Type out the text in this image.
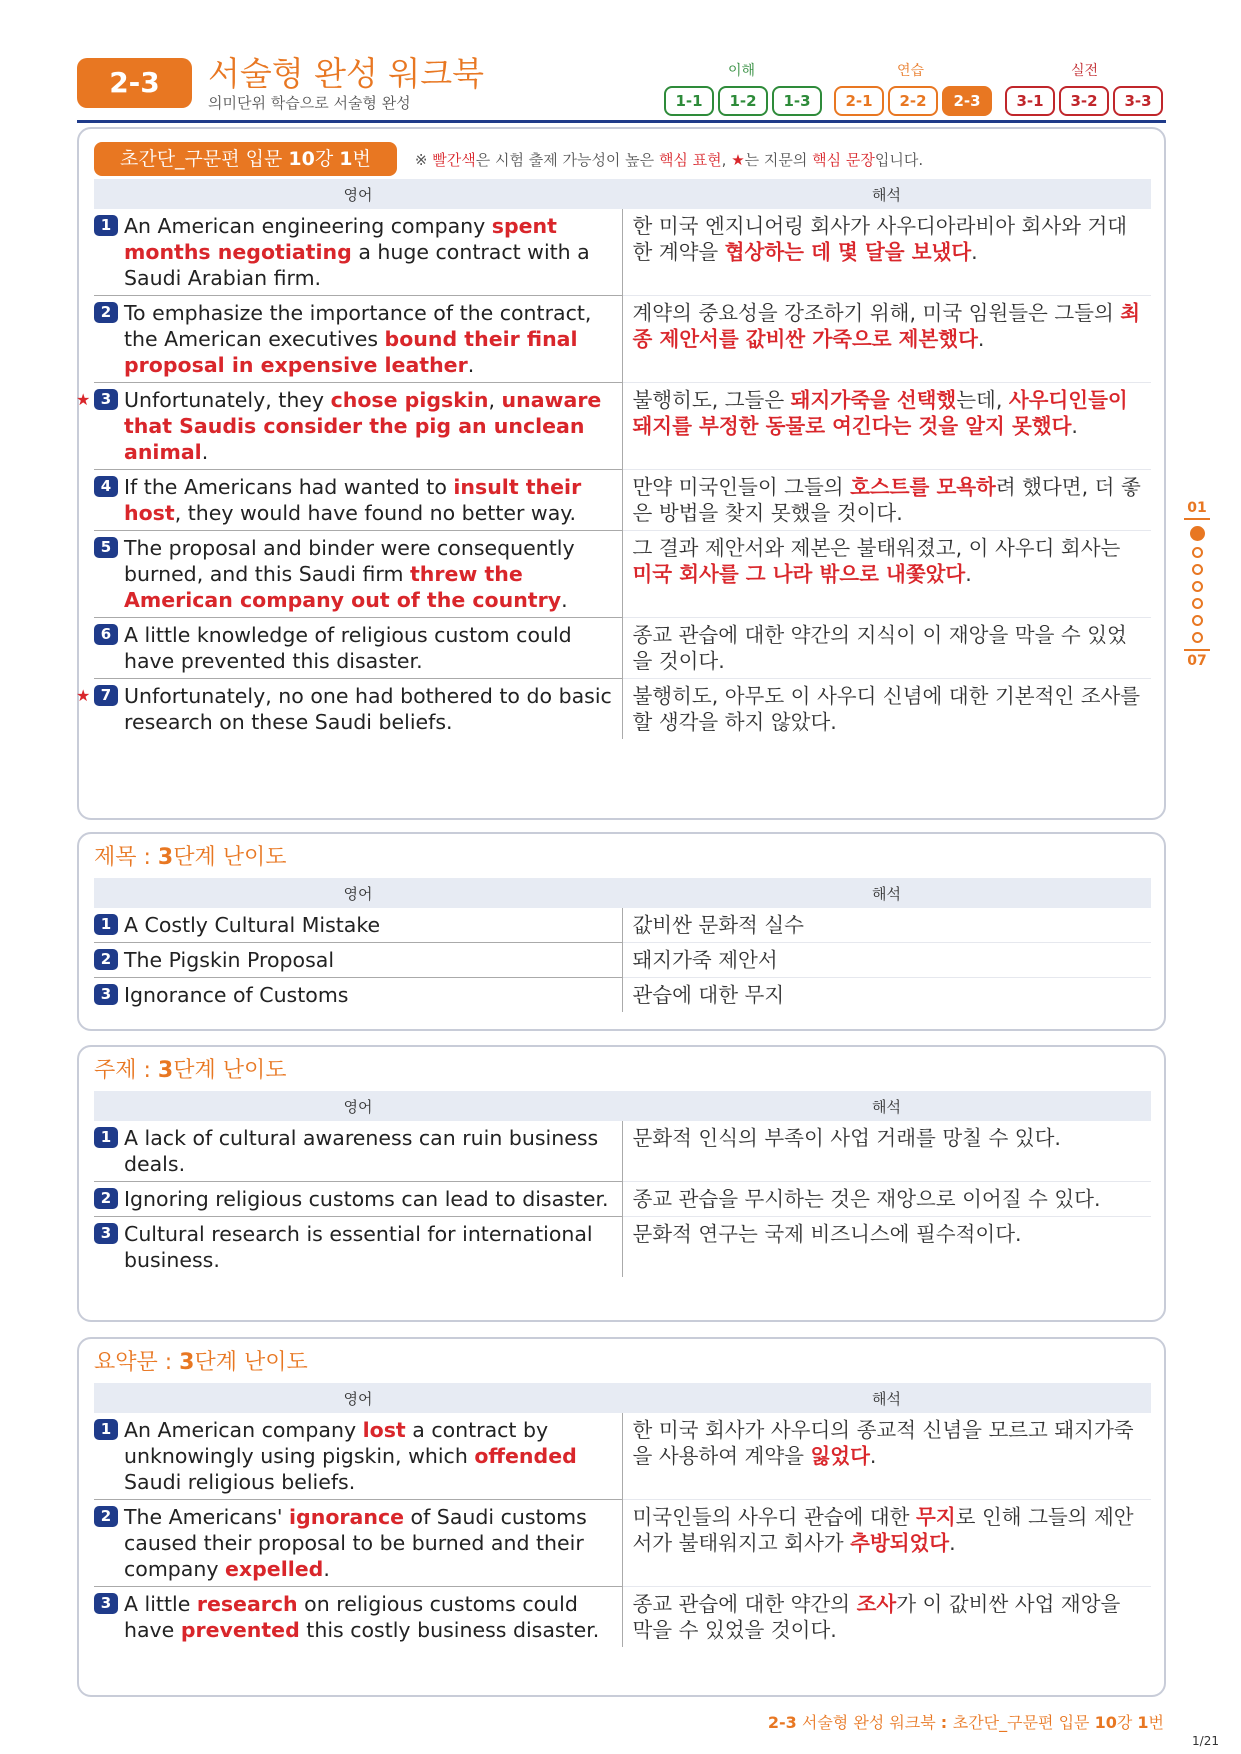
2-3	서술형 완성 워크북
의미단위 학습으로 서술형 완성
이해	연습	실전
1-1	1-2	1-3	2-1	2-2	2-3	3-1	3-2	3-3
01
07
초간단_구문편 입문 10강 1번	※ 빨간색은 시험 출제 가능성이 높은 핵심 표현, ★는 지문의 핵심 문장입니다.
영어	해석

1 An American engineering company spent months negotiating a huge contract with a Saudi Arabian firm.	한 미국 엔지니어링 회사가 사우디아라비아 회사와 거대한 계약을 협상하는 데 몇 달을 보냈다.

2 To emphasize the importance of the contract, the American executives bound their final proposal in expensive leather.	계약의 중요성을 강조하기 위해, 미국 임원들은 그들의 최종 제안서를 값비싼 가죽으로 제본했다.

★ 3 Unfortunately, they chose pigskin, unaware that Saudis consider the pig an unclean animal.	불행히도, 그들은 돼지가죽을 선택했는데, 사우디인들이 돼지를 부정한 동물로 여긴다는 것을 알지 못했다.

4 If the Americans had wanted to insult their host, they would have found no better way.	만약 미국인들이 그들의 호스트를 모욕하려 했다면, 더 좋은 방법을 찾지 못했을 것이다.

5 The proposal and binder were consequently burned, and this Saudi firm threw the American company out of the country.	그 결과 제안서와 제본은 불태워졌고, 이 사우디 회사는 미국 회사를 그 나라 밖으로 내쫓았다.

6 A little knowledge of religious custom could have prevented this disaster.	종교 관습에 대한 약간의 지식이 이 재앙을 막을 수 있었을 것이다.

★ 7 Unfortunately, no one had bothered to do basic research on these Saudi beliefs.	불행히도, 아무도 이 사우디 신념에 대한 기본적인 조사를 할 생각을 하지 않았다.
제목 : 3단계 난이도
영어	해석

1 A Costly Cultural Mistake	값비싼 문화적 실수

2 The Pigskin Proposal	돼지가죽 제안서

3 Ignorance of Customs	관습에 대한 무지
주제 : 3단계 난이도
영어	해석

1 A lack of cultural awareness can ruin business deals.	문화적 인식의 부족이 사업 거래를 망칠 수 있다.

2 Ignoring religious customs can lead to disaster.	종교 관습을 무시하는 것은 재앙으로 이어질 수 있다.

3 Cultural research is essential for international business.	문화적 연구는 국제 비즈니스에 필수적이다.
요약문 : 3단계 난이도
영어	해석

1 An American company lost a contract by unknowingly using pigskin, which offended Saudi religious beliefs.	한 미국 회사가 사우디의 종교적 신념을 모르고 돼지가죽을 사용하여 계약을 잃었다.

2 The Americans' ignorance of Saudi customs caused their proposal to be burned and their company expelled.	미국인들의 사우디 관습에 대한 무지로 인해 그들의 제안서가 불태워지고 회사가 추방되었다.

3 A little research on religious customs could have prevented this costly business disaster.	종교 관습에 대한 약간의 조사가 이 값비싼 사업 재앙을 막을 수 있었을 것이다.
2-3 서술형 완성 워크북 : 초간단_구문편 입문 10강 1번
1/21
